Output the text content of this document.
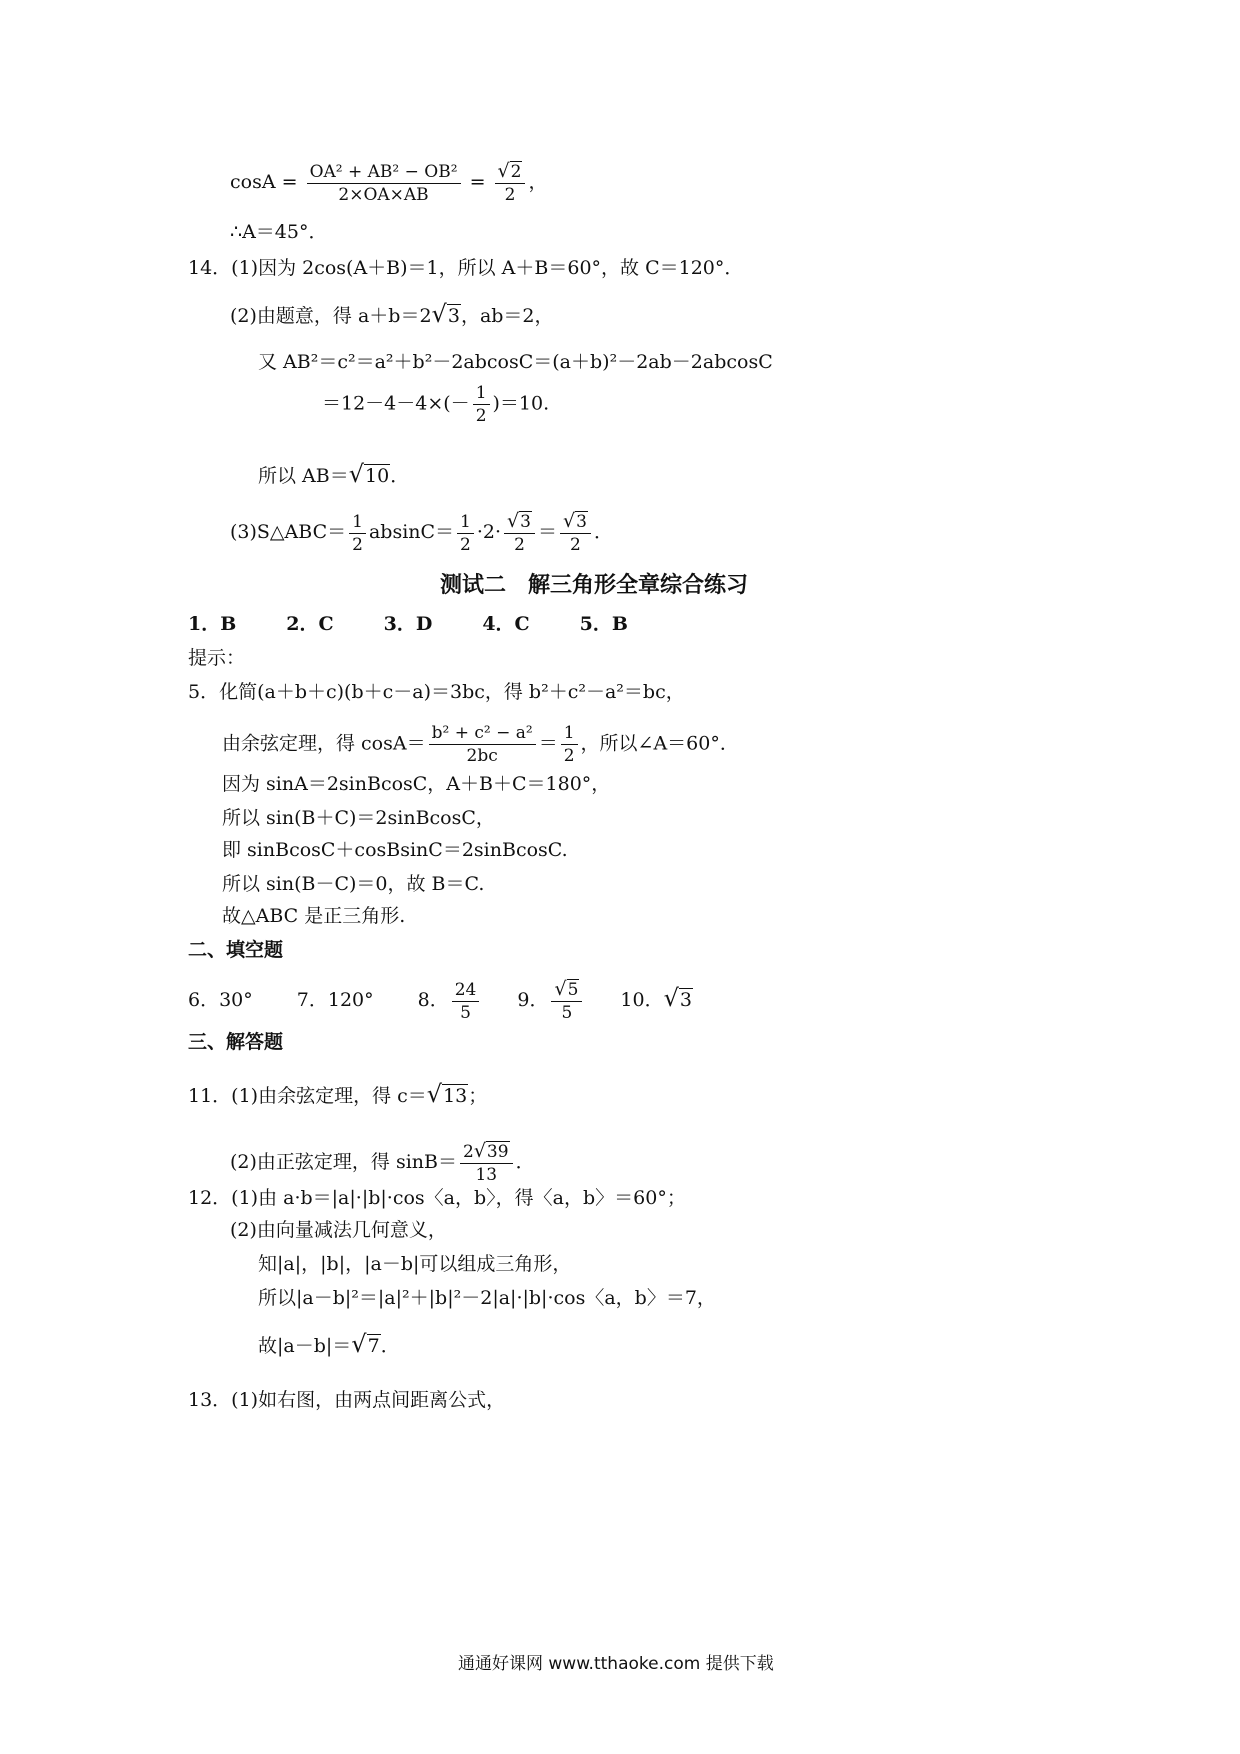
$\cos A = \frac{\text{OA² + AB² − OB²}}{2\times OA\times AB} = \frac{√2}{2}$ ，
∴A＝45°．
14．(1)因为 2cos(A＋B)＝1，所以 A＋B＝60°，故 C＝120°．
(2)由题意，得 a＋b＝2√3，ab＝2，
又 AB²＝c²＝a²＋b²－2abcosC＝(a＋b)²－2ab－2abcosC
$=12-4-4\times(- \frac{1}{2} )=10$.
所以 AB＝√10．
(3)S△ABC＝ $\frac{1}{2} absinC= \frac{1}{2} \cdot 2\cdot \frac{√3}{2} = \frac{√3}{2}$ ．
测试二　解三角形全章综合练习
1．B	2．C	3．D	4．C	5．B
提示：
5．化简(a＋b＋c)(b＋c－a)＝3bc，得 b²＋c²－a²＝bc，
由余弦定理，得 $\cos A= \frac{\text{b² + c² − a²}}{2bc} = \frac{1}{2}$ ，所以∠A＝60°．
因为 sinA＝2sinBcosC，A＋B＋C＝180°，
所以 sin(B＋C)＝2sinBcosC，
即 sinBcosC＋cosBsinC＝2sinBcosC.
所以 sin(B－C)＝0，故 B＝C.
故△ABC 是正三角形.
二、填空题
6．30° 7．120° 8． $\frac{24}{5} 9$． $\frac{√5}{5} 10$．√3
三、解答题
11．(1)由余弦定理，得 c＝√13；
(2)由正弦定理，得 $\sin B= \frac{2√39}{13}$ ．
12．(1)由 a·b＝|a|·|b|·cos〈a，b〉，得〈a，b〉＝60°；
(2)由向量减法几何意义，
知|a|，|b|，|a－b|可以组成三角形，
所以|a－b|²＝|a|²＋|b|²－2|a|·|b|·cos〈a，b〉＝7，
故|a－b|＝√7．
13．(1)如右图，由两点间距离公式，
通通好课网 www.tthaoke.com 提供下载
